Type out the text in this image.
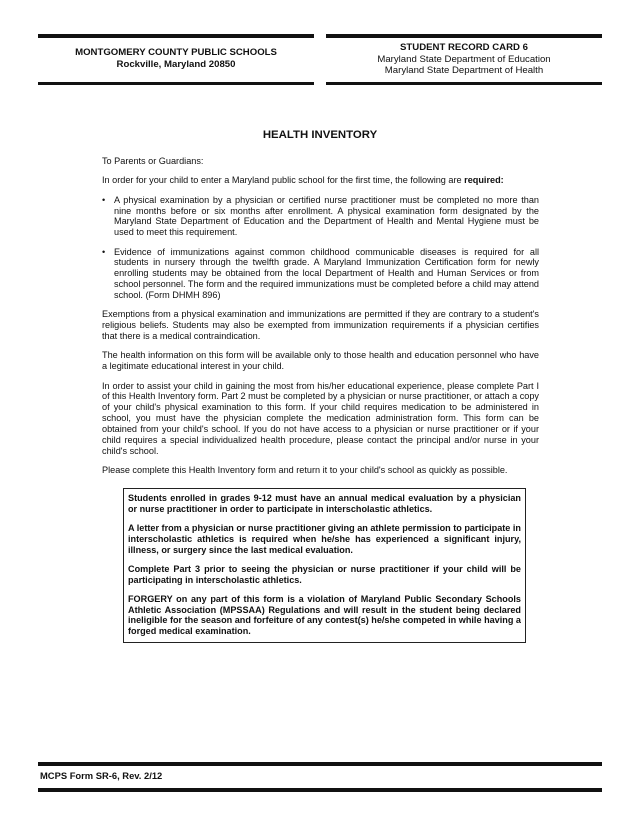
MONTGOMERY COUNTY PUBLIC SCHOOLS
Rockville, Maryland 20850
STUDENT RECORD CARD 6
Maryland State Department of Education
Maryland State Department of Health
HEALTH INVENTORY

To Parents or Guardians:

In order for your child to enter a Maryland public school for the first time, the following are required:

• A physical examination by a physician or certified nurse practitioner must be completed no more than nine months before or six months after enrollment. A physical examination form designated by the Maryland State Department of Education and the Department of Health and Mental Hygiene must be used to meet this requirement.
• Evidence of immunizations against common childhood communicable diseases is required for all students in nursery through the twelfth grade. A Maryland Immunization Certification form for newly enrolling students may be obtained from the local Department of Health and Human Services or from school personnel. The form and the required immunizations must be completed before a child may attend school. (Form DHMH 896)

Exemptions from a physical examination and immunizations are permitted if they are contrary to a student's religious beliefs. Students may also be exempted from immunization requirements if a physician certifies that there is a medical contraindication.

The health information on this form will be available only to those health and education personnel who have a legitimate educational interest in your child.

In order to assist your child in gaining the most from his/her educational experience, please complete Part I of this Health Inventory form. Part 2 must be completed by a physician or nurse practitioner, or attach a copy of your child's physical examination to this form. If your child requires medication to be administered in school, you must have the physician complete the medication administration form. This form can be obtained from your child's school. If you do not have access to a physician or nurse practitioner or if your child requires a special individualized health procedure, please contact the principal and/or nurse in your child's school.

Please complete this Health Inventory form and return it to your child's school as quickly as possible.

Students enrolled in grades 9-12 must have an annual medical evaluation by a physician or nurse practitioner in order to participate in interscholastic athletics.

A letter from a physician or nurse practitioner giving an athlete permission to participate in interscholastic athletics is required when he/she has experienced a significant injury, illness, or surgery since the last medical evaluation.

Complete Part 3 prior to seeing the physician or nurse practitioner if your child will be participating in interscholastic athletics.

FORGERY on any part of this form is a violation of Maryland Public Secondary Schools Athletic Association (MPSSAA) Regulations and will result in the student being declared ineligible for the season and forfeiture of any contest(s) he/she competed in while having a forged medical examination.

MCPS Form SR-6, Rev. 2/12
